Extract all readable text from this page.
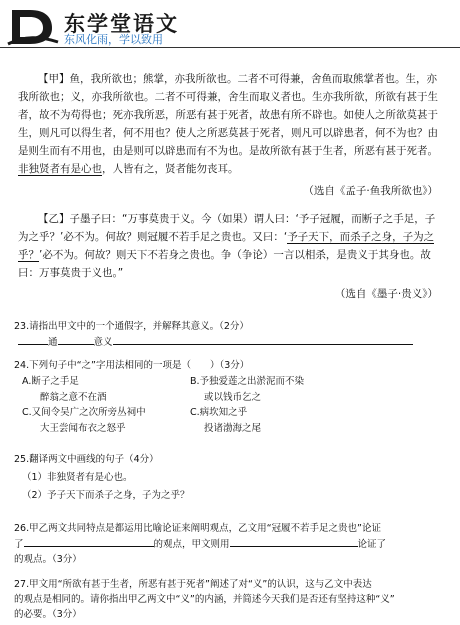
东学堂语文
东风化雨，学以致用
【甲】鱼，我所欲也；熊掌，亦我所欲也。二者不可得兼，舍鱼而取熊掌者也。生，亦
我所欲也；义，亦我所欲也。二者不可得兼，舍生而取义者也。生亦我所欲，所欲有甚于生
者，故不为苟得也；死亦我所恶，所恶有甚于死者，故患有所不辟也。如使人之所欲莫甚于
生，则凡可以得生者，何不用也？使人之所恶莫甚于死者，则凡可以辟患者，何不为也？由
是则生而有不用也，由是则可以辟患而有不为也。是故所欲有甚于生者，所恶有甚于死者。
非独贤者有是心也，人皆有之，贤者能勿丧耳。
（选自《孟子·鱼我所欲也》）
【乙】子墨子曰：“万事莫贵于义。今（如果）谓人曰：‘予子冠履，而断子之手足，子
为之乎？’必不为。何故？则冠履不若手足之贵也。又曰：‘予子天下，而杀子之身，子为之
乎？’必不为。何故？则天下不若身之贵也。争（争论）一言以相杀，是贵义于其身也。故
曰：万事莫贵于义也。”
（选自《墨子·贵义》）
23.请指出甲文中的一个通假字，并解释其意义。（2分）
通	意义
24.下列句子中“之”字用法相同的一项是（　　）（3分）
A.断子之手足
醉翁之意不在酒
B.予独爱莲之出淤泥而不染
或以钱币乞之
C.又间令吴广之次所旁丛祠中
大王尝闻布衣之怒乎
C.病坎知之乎
投诸渤海之尾
25.翻译两文中画线的句子（4分）
（1）非独贤者有是心也。
（2）予子天下而杀子之身，子为之乎？
26.甲乙两文共同特点是都运用比喻论证来阐明观点，乙文用“冠履不若手足之贵也”论证
了	的观点，甲文则用	论证了
的观点。（3分）
27.甲文用“所欲有甚于生者，所恶有甚于死者”阐述了对“义”的认识，这与乙文中表达
的观点是相同的。请你指出甲乙两文中“义”的内涵，并简述今天我们是否还有坚持这种“义”
的必要。（3分）
